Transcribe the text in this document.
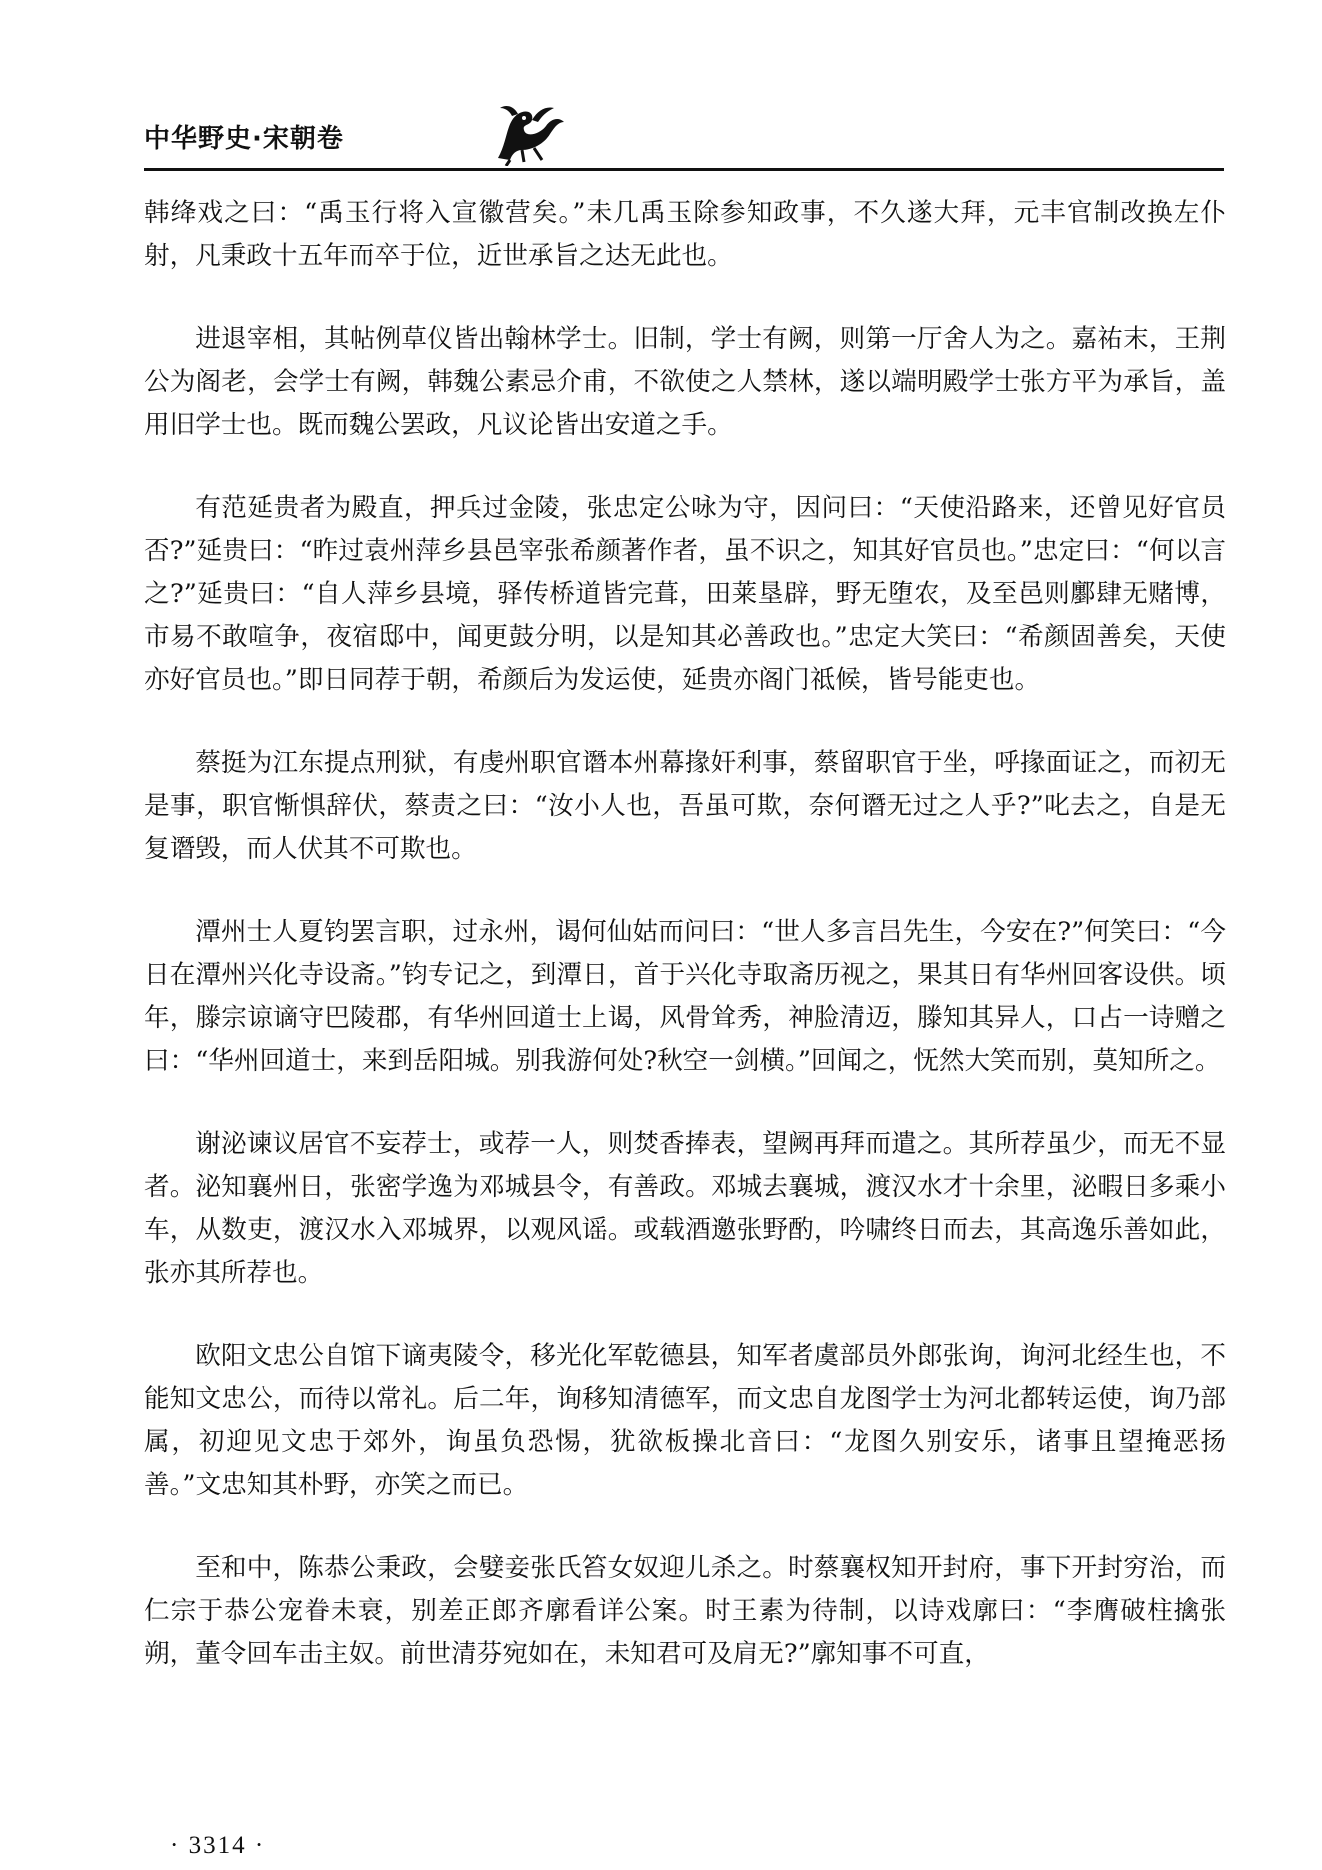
中华野史·宋朝卷

韩绛戏之曰：“禹玉行将入宣徽营矣。”未几禹玉除参知政事，不久遂大拜，元丰官制改换左仆射，凡秉政十五年而卒于位，近世承旨之达无此也。

进退宰相，其帖例草仪皆出翰林学士。旧制，学士有阙，则第一厅舍人为之。嘉祐末，王荆公为阁老，会学士有阙，韩魏公素忌介甫，不欲使之人禁林，遂以端明殿学士张方平为承旨，盖用旧学士也。既而魏公罢政，凡议论皆出安道之手。

有范延贵者为殿直，押兵过金陵，张忠定公咏为守，因问曰：“天使沿路来，还曾见好官员否?”延贵曰：“昨过袁州萍乡县邑宰张希颜著作者，虽不识之，知其好官员也。”忠定曰：“何以言之?”延贵曰：“自人萍乡县境，驿传桥道皆完葺，田莱垦辟，野无堕农，及至邑则鄽肆无赌博，市易不敢喧争，夜宿邸中，闻更鼓分明，以是知其必善政也。”忠定大笑曰：“希颜固善矣，天使亦好官员也。”即日同荐于朝，希颜后为发运使，延贵亦阁门祗候，皆号能吏也。

蔡挺为江东提点刑狱，有虔州职官谮本州幕掾奸利事，蔡留职官于坐，呼掾面证之，而初无是事，职官惭惧辞伏，蔡责之曰：“汝小人也，吾虽可欺，奈何谮无过之人乎?”叱去之，自是无复谮毁，而人伏其不可欺也。

潭州士人夏钧罢言职，过永州，谒何仙姑而问曰：“世人多言吕先生，今安在?”何笑曰：“今日在潭州兴化寺设斋。”钧专记之，到潭日，首于兴化寺取斋历视之，果其日有华州回客设供。顷年，滕宗谅谪守巴陵郡，有华州回道士上谒，风骨耸秀，神脸清迈，滕知其异人，口占一诗赠之曰：“华州回道士，来到岳阳城。别我游何处?秋空一剑横。”回闻之，怃然大笑而别，莫知所之。

谢泌谏议居官不妄荐士，或荐一人，则焚香捧表，望阙再拜而遣之。其所荐虽少，而无不显者。泌知襄州日，张密学逸为邓城县令，有善政。邓城去襄城，渡汉水才十余里，泌暇日多乘小车，从数吏，渡汉水入邓城界，以观风谣。或载酒邀张野酌，吟啸终日而去，其高逸乐善如此，张亦其所荐也。

欧阳文忠公自馆下谪夷陵令，移光化军乾德县，知军者虞部员外郎张询，询河北经生也，不能知文忠公，而待以常礼。后二年，询移知清德军，而文忠自龙图学士为河北都转运使，询乃部属，初迎见文忠于郊外，询虽负恐惕，犹欲板操北音曰：“龙图久别安乐，诸事且望掩恶扬善。”文忠知其朴野，亦笑之而已。

至和中，陈恭公秉政，会嬖妾张氏笞女奴迎儿杀之。时蔡襄权知开封府，事下开封穷治，而仁宗于恭公宠眷未衰，别差正郎齐廓看详公案。时王素为待制，以诗戏廓曰：“李膺破柱擒张朔，董令回车击主奴。前世清芬宛如在，未知君可及肩无?”廓知事不可直，

· 3314 ·
